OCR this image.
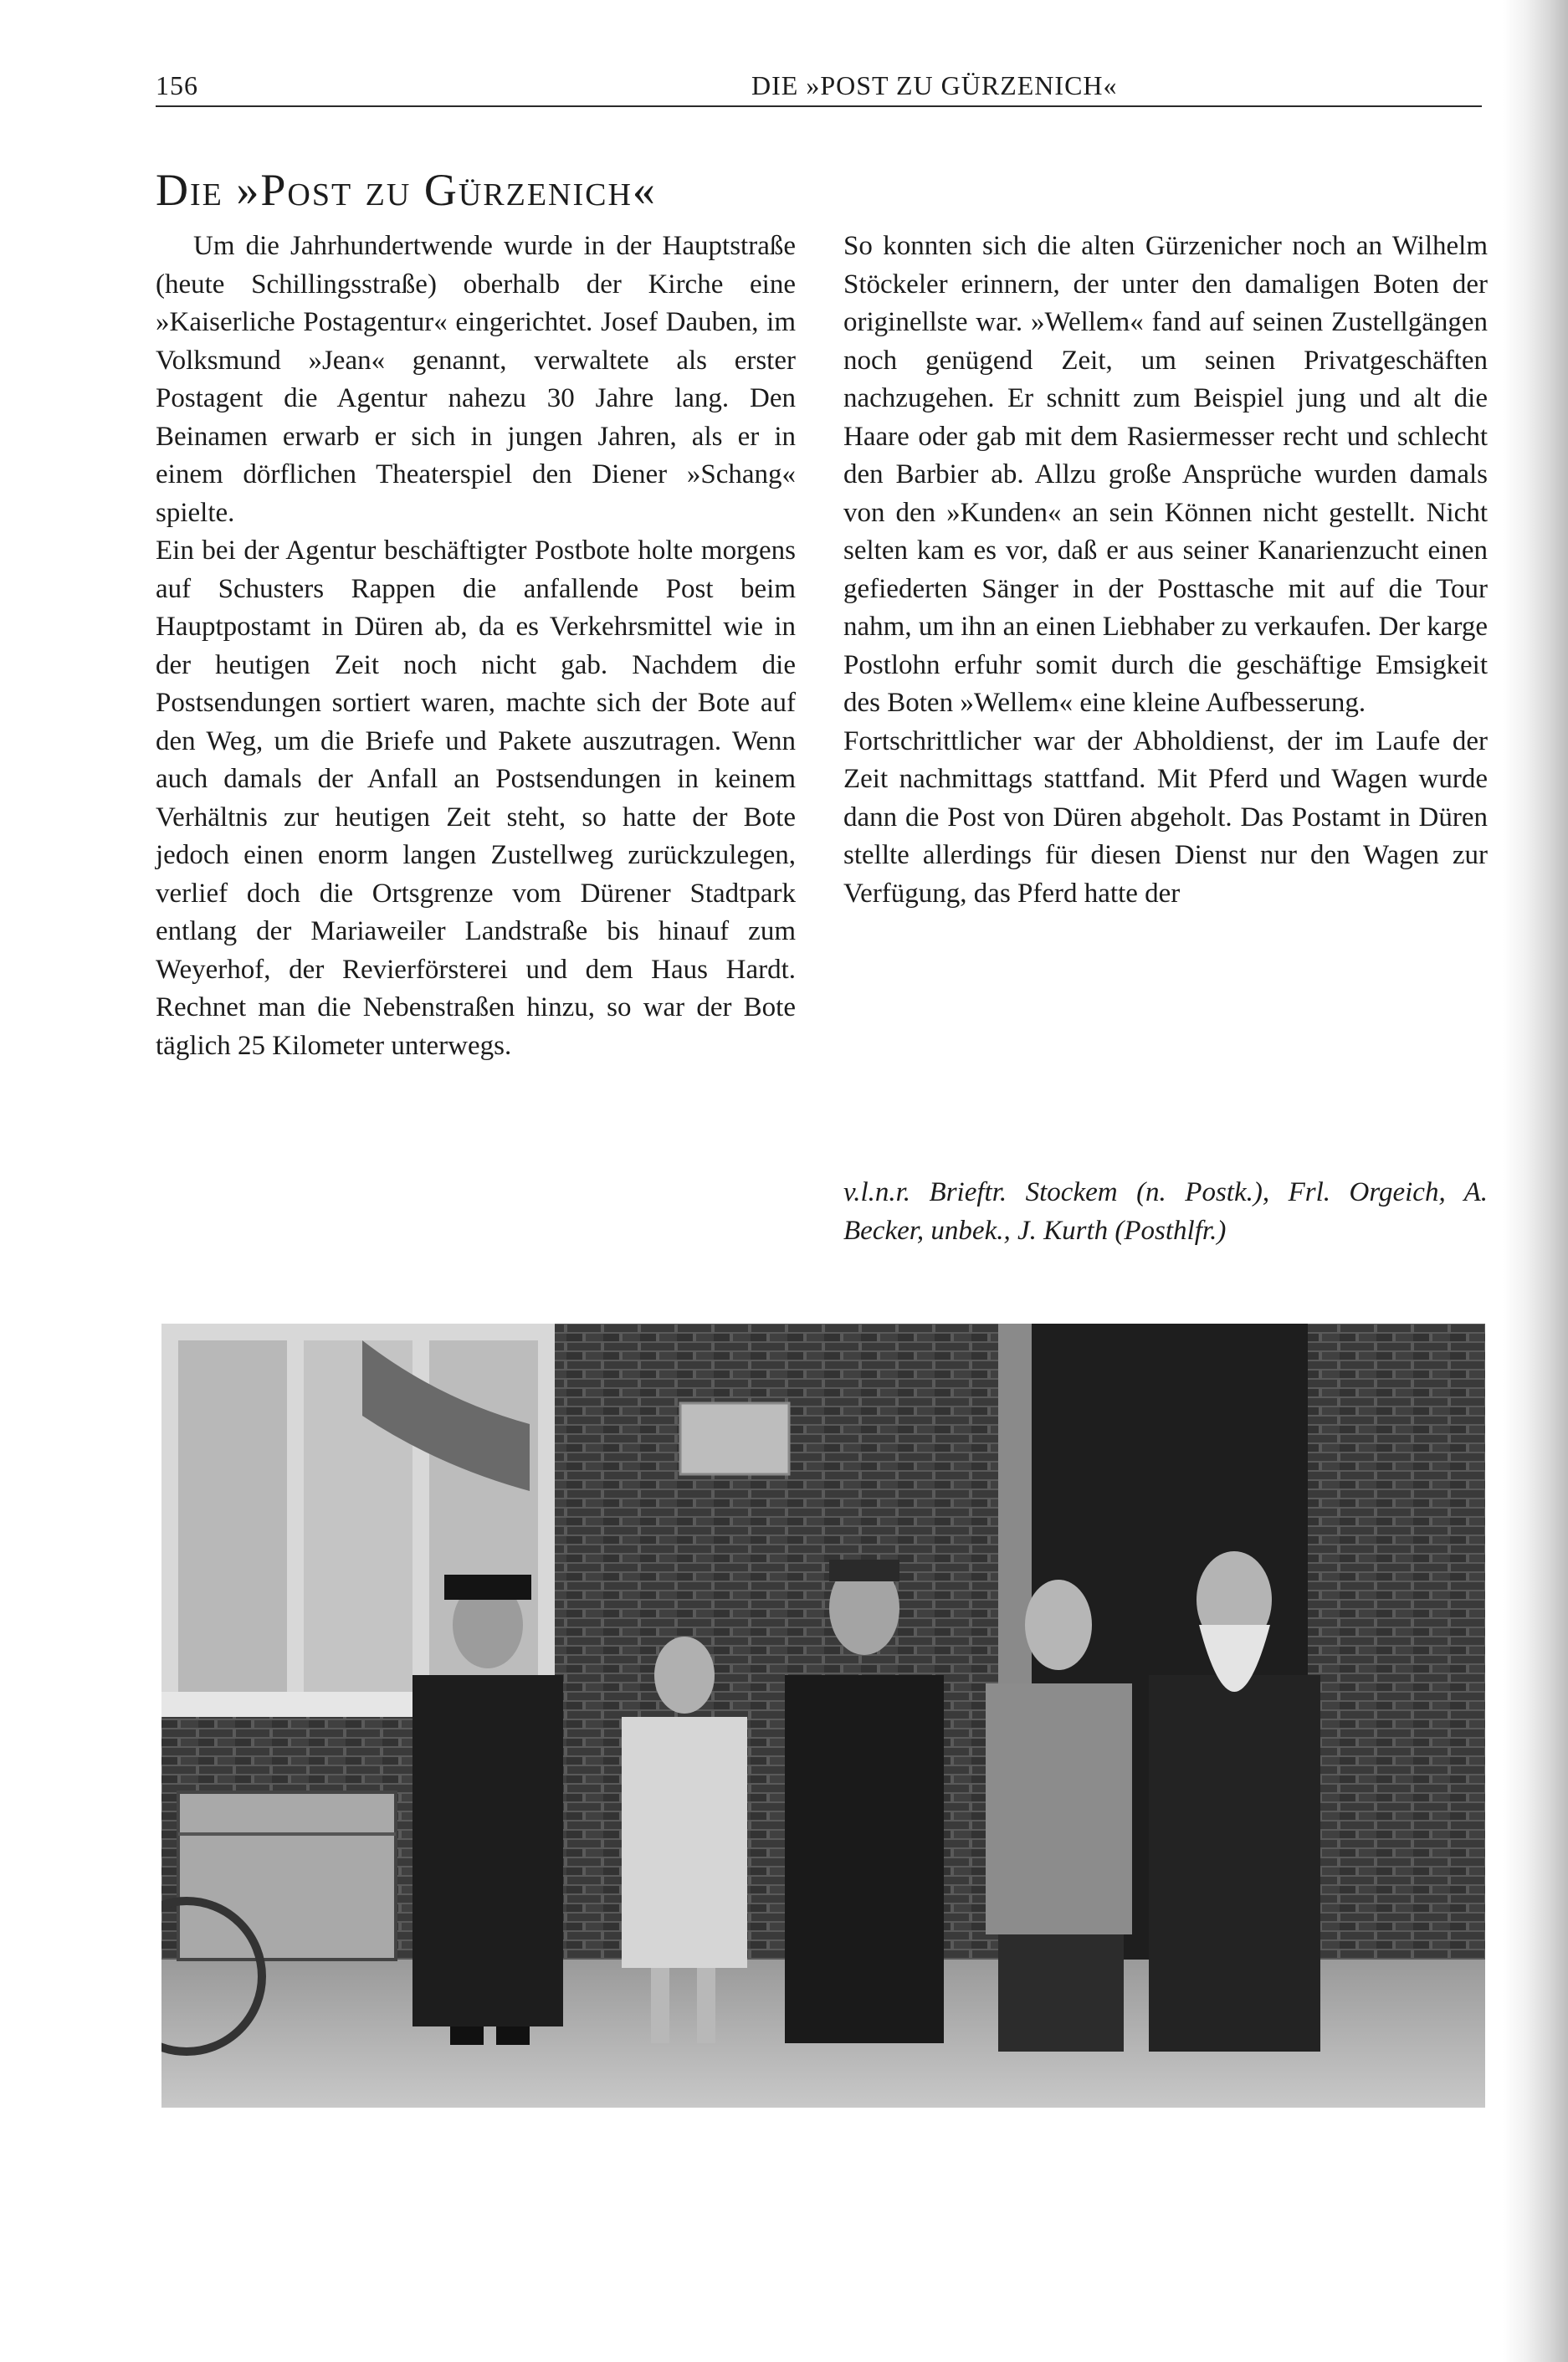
156	DIE »POST ZU GÜRZENICH«
Die »Post zu Gürzenich«

Um die Jahrhundertwende wurde in der Hauptstraße (heute Schillingsstraße) oberhalb der Kirche eine »Kaiserliche Postagentur« eingerichtet. Josef Dauben, im Volksmund »Jean« genannt, verwaltete als erster Postagent die Agentur nahezu 30 Jahre lang. Den Beinamen erwarb er sich in jungen Jahren, als er in einem dörflichen Theaterspiel den Diener »Schang« spielte.

Ein bei der Agentur beschäftigter Postbote holte morgens auf Schusters Rappen die anfallende Post beim Hauptpostamt in Düren ab, da es Verkehrsmittel wie in der heutigen Zeit noch nicht gab. Nachdem die Postsendungen sortiert waren, machte sich der Bote auf den Weg, um die Briefe und Pakete auszutragen. Wenn auch damals der Anfall an Postsendungen in keinem Verhältnis zur heutigen Zeit steht, so hatte der Bote jedoch einen enorm langen Zustellweg zurückzulegen, verlief doch die Ortsgrenze vom Dürener Stadtpark entlang der Mariaweiler Landstraße bis hinauf zum Weyerhof, der Revierförsterei und dem Haus Hardt. Rechnet man die Nebenstraßen hinzu, so war der Bote täglich 25 Kilometer unterwegs.

So konnten sich die alten Gürzenicher noch an Wilhelm Stöckeler erinnern, der unter den damaligen Boten der originellste war. »Wellem« fand auf seinen Zustellgängen noch genügend Zeit, um seinen Privatgeschäften nachzugehen. Er schnitt zum Beispiel jung und alt die Haare oder gab mit dem Rasiermesser recht und schlecht den Barbier ab. Allzu große Ansprüche wurden damals von den »Kunden« an sein Können nicht gestellt. Nicht selten kam es vor, daß er aus seiner Kanarienzucht einen gefiederten Sänger in der Posttasche mit auf die Tour nahm, um ihn an einen Liebhaber zu verkaufen. Der karge Postlohn erfuhr somit durch die geschäftige Emsigkeit des Boten »Wellem« eine kleine Aufbesserung.

Fortschrittlicher war der Abholdienst, der im Laufe der Zeit nachmittags stattfand. Mit Pferd und Wagen wurde dann die Post von Düren abgeholt. Das Postamt in Düren stellte allerdings für diesen Dienst nur den Wagen zur Verfügung, das Pferd hatte der

v.l.n.r. Brieftr. Stockem (n. Postk.), Frl. Orgeich, A. Becker, unbek., J. Kurth (Posthlfr.)
